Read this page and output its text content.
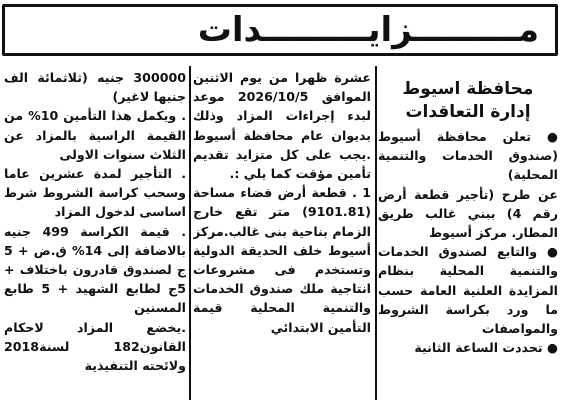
مـــــــــزايـــــــــدات
محافظة اسيوط
إدارة التعاقدات

● تعلن محافظة أسيوط (صندوق الخدمات والتنمية المحلية)

عن طرح (تأجير قطعة أرض رقم 4) ببني غالب طريق المطار. مركز أسيوط

● والتابع لصندوق الخدمات والتنمية المحلية بنظام المزايدة العلنية العامة حسب ما ورد بكراسة الشروط والمواصفات

● تحددت الساعة الثانية

عشرة ظهرا من يوم الاثنين الموافق 2026/10/5 موعد لبدء إجراءات المزاد وذلك بديوان عام محافظة أسيوط .يجب على كل متزايد تقديم تأمين مؤقت كما يلي :.

1 . قطعة أرض فضاء مساحة (9101.81) متر تقع خارج الزمام بناحية بنى غالب.مركز أسيوط خلف الحديقة الدولية وتستخدم فى مشروعات انتاجية ملك صندوق الخدمات والتنمية المحلية قيمة التأمين الابتدائي

300000 جنيه (ثلاثمائة الف جنيها لاغير)

. ويكمل هذا التأمين 10% من القيمة الراسية بالمزاد عن الثلاث سنوات الاولى

. التأجير لمدة عشرين عاما وسحب كراسة الشروط شرط اساسى لدخول المزاد

. قيمة الكراسة 499 جنيه بالاضافة إلى 14% ق.ض + 5 ج لصندوق قادرون باختلاف + 5ج لطابع الشهيد + 5 طابع المسنين

.يخضع المزاد لاحكام القانون182 لسنة2018 ولائحته التنفيذية
